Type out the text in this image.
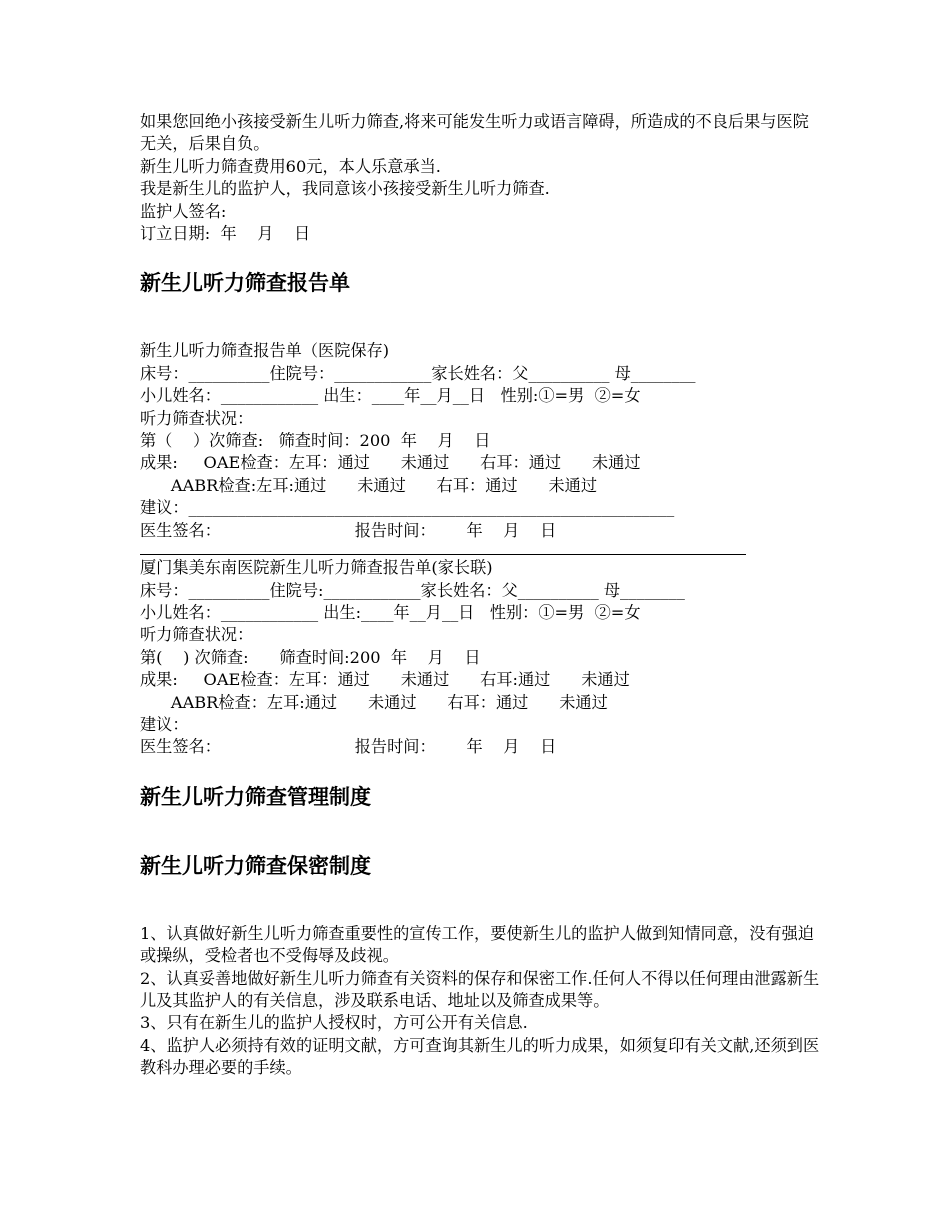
如果您回绝小孩接受新生儿听力筛查,将来可能发生听力或语言障碍，所造成的不良后果与医院无关，后果自负。
新生儿听力筛查费用60元，本人乐意承当.
我是新生儿的监护人，我同意该小孩接受新生儿听力筛查.
监护人签名:
订立日期:  年    月    日
新生儿听力筛查报告单
新生儿听力筛查报告单（医院保存)
床号：__________住院号：____________家长姓名：父__________ 母________
小儿姓名：____________ 出生：____年__月__日   性别:①=男  ②=女
听力筛查状况：
第（    ）次筛查:   筛查时间：200  年    月    日
成果:     OAE检查：左耳：通过      未通过      右耳：通过      未通过
AABR检查:左耳:通过      未通过      右耳：通过      未通过
建议：____________________________________________________________
医生签名：                          报告时间：      年    月    日
厦门集美东南医院新生儿听力筛查报告单(家长联)
床号：__________住院号:____________家长姓名：父__________ 母________
小儿姓名：____________ 出生:____年__月__日   性别：①=男  ②=女
听力筛查状况：
第(    ) 次筛查:      筛查时间:200  年    月    日
成果:     OAE检查：左耳：通过      未通过      右耳:通过      未通过
AABR检查：左耳:通过      未通过      右耳：通过      未通过
建议：
医生签名：                          报告时间：      年    月    日
新生儿听力筛查管理制度
新生儿听力筛查保密制度
1、认真做好新生儿听力筛查重要性的宣传工作，要使新生儿的监护人做到知情同意，没有强迫或操纵，受检者也不受侮辱及歧视。
2、认真妥善地做好新生儿听力筛查有关资料的保存和保密工作.任何人不得以任何理由泄露新生儿及其监护人的有关信息，涉及联系电话、地址以及筛查成果等。
3、只有在新生儿的监护人授权时，方可公开有关信息.
4、监护人必须持有效的证明文献，方可查询其新生儿的听力成果，如须复印有关文献,还须到医教科办理必要的手续。
